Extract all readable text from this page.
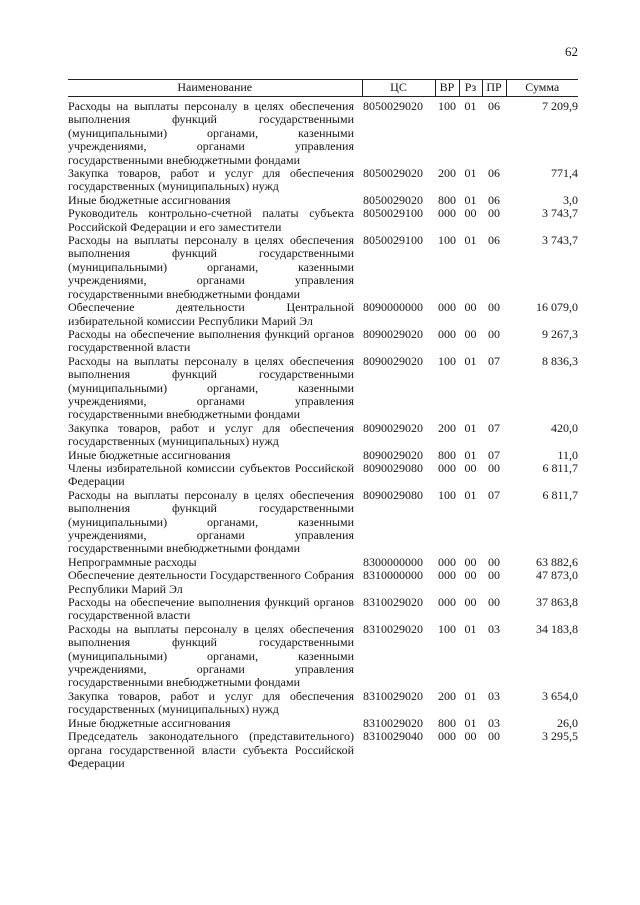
62
Наименование	ЦС	ВР	Рз	ПР	Сумма
Расходы на выплаты персоналу в целях обеспечения выполнения функций государственными (муниципальными) органами, казенными учреждениями, органами управления государственными внебюджетными фондами	8050029020	100	01	06	7 209,9
Закупка товаров, работ и услуг для обеспечения государственных (муниципальных) нужд	8050029020	200	01	06	771,4
Иные бюджетные ассигнования	8050029020	800	01	06	3,0
Руководитель контрольно-счетной палаты субъекта Российской Федерации и его заместители	8050029100	000	00	00	3 743,7
Расходы на выплаты персоналу в целях обеспечения выполнения функций государственными (муниципальными) органами, казенными учреждениями, органами управления государственными внебюджетными фондами	8050029100	100	01	06	3 743,7
Обеспечение деятельности Центральной избирательной комиссии Республики Марий Эл	8090000000	000	00	00	16 079,0
Расходы на обеспечение выполнения функций органов государственной власти	8090029020	000	00	00	9 267,3
Расходы на выплаты персоналу в целях обеспечения выполнения функций государственными (муниципальными) органами, казенными учреждениями, органами управления государственными внебюджетными фондами	8090029020	100	01	07	8 836,3
Закупка товаров, работ и услуг для обеспечения государственных (муниципальных) нужд	8090029020	200	01	07	420,0
Иные бюджетные ассигнования	8090029020	800	01	07	11,0
Члены избирательной комиссии субъектов Российской Федерации	8090029080	000	00	00	6 811,7
Расходы на выплаты персоналу в целях обеспечения выполнения функций государственными (муниципальными) органами, казенными учреждениями, органами управления государственными внебюджетными фондами	8090029080	100	01	07	6 811,7
Непрограммные расходы	8300000000	000	00	00	63 882,6
Обеспечение деятельности Государственного Собрания Республики Марий Эл	8310000000	000	00	00	47 873,0
Расходы на обеспечение выполнения функций органов государственной власти	8310029020	000	00	00	37 863,8
Расходы на выплаты персоналу в целях обеспечения выполнения функций государственными (муниципальными) органами, казенными учреждениями, органами управления государственными внебюджетными фондами	8310029020	100	01	03	34 183,8
Закупка товаров, работ и услуг для обеспечения государственных (муниципальных) нужд	8310029020	200	01	03	3 654,0
Иные бюджетные ассигнования	8310029020	800	01	03	26,0
Председатель законодательного (представительного) органа государственной власти субъекта Российской Федерации	8310029040	000	00	00	3 295,5
